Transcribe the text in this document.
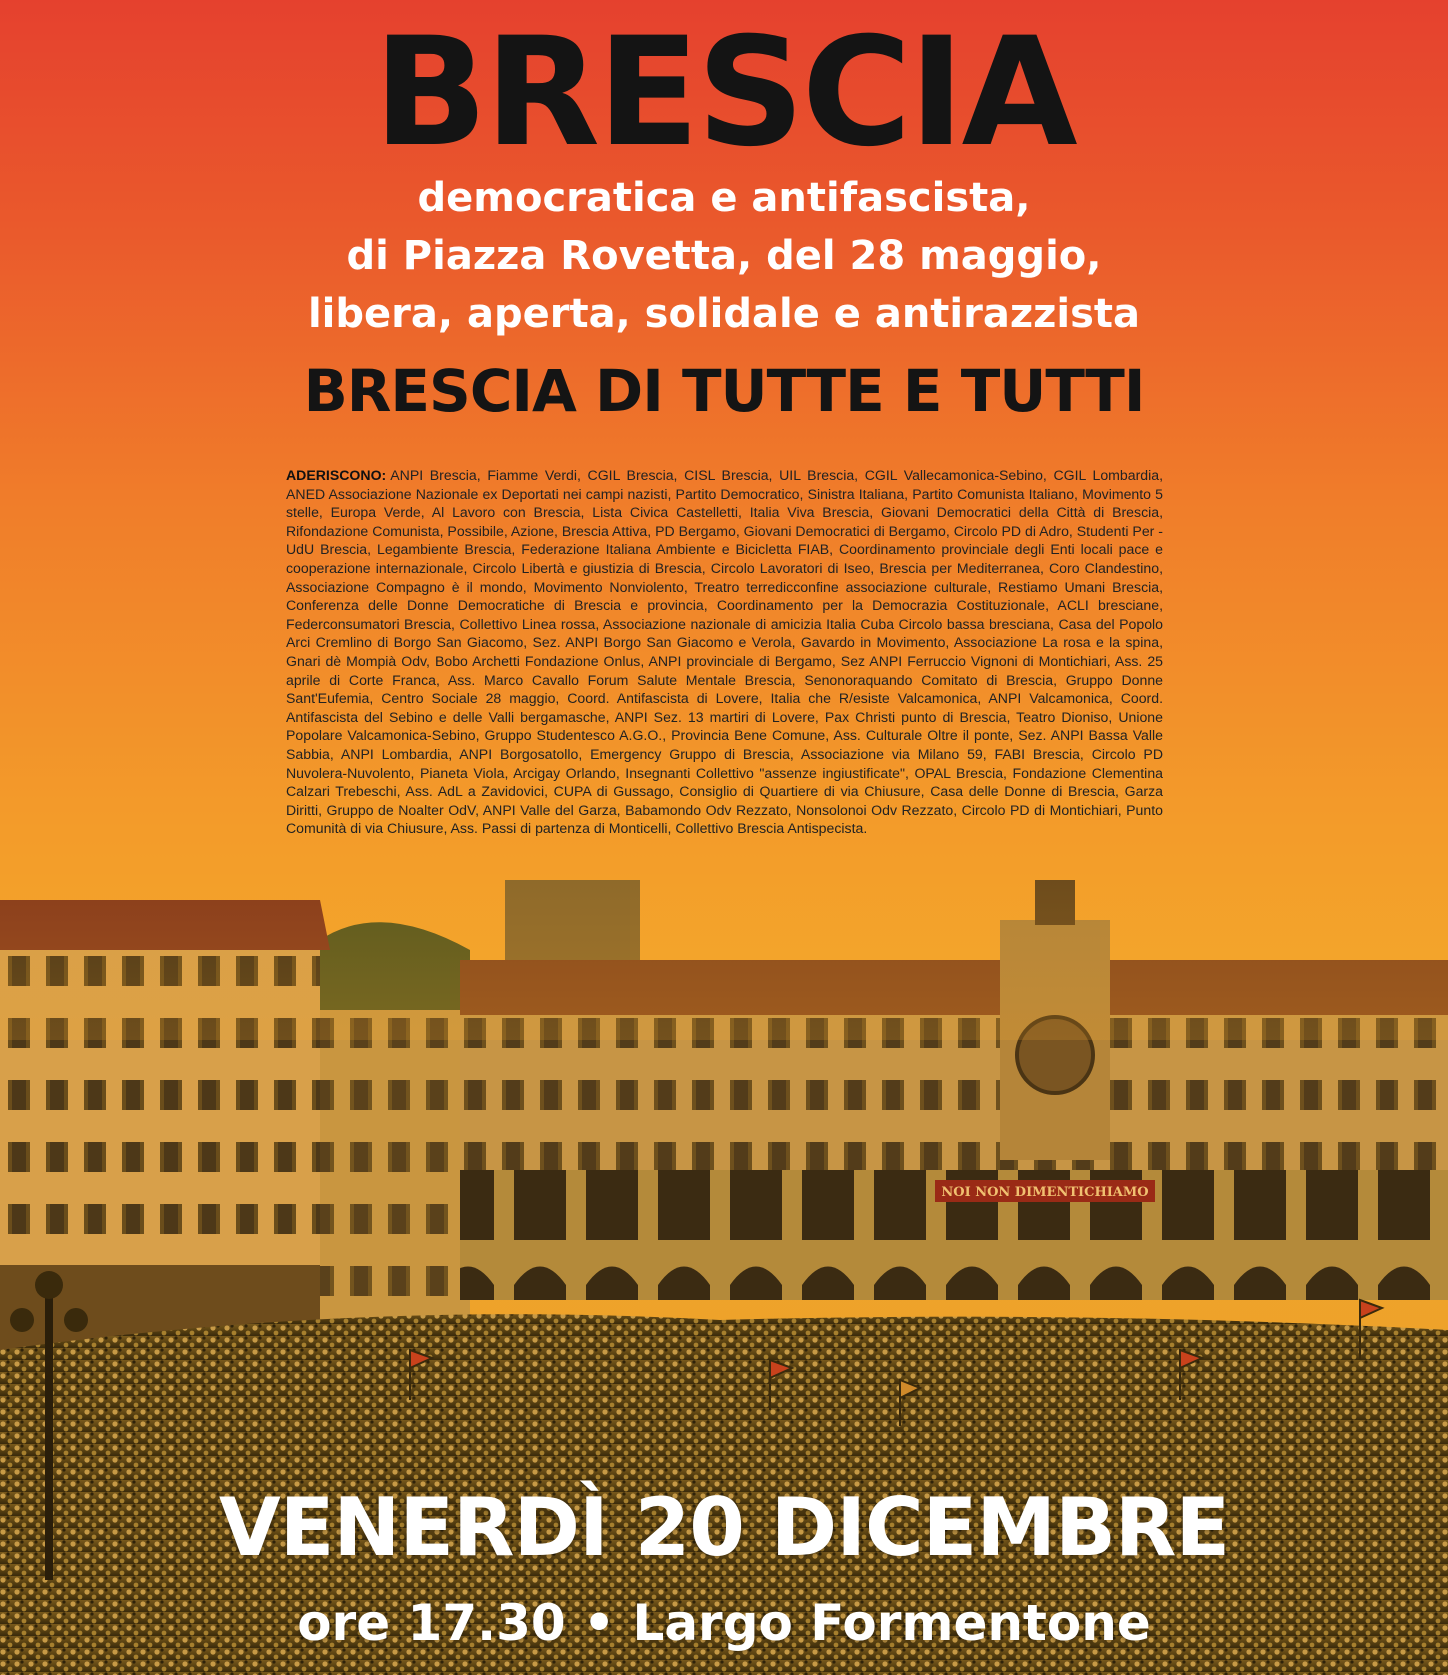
BRESCIA
democratica e antifascista,
di Piazza Rovetta, del 28 maggio,
libera, aperta, solidale e antirazzista
BRESCIA DI TUTTE E TUTTI
ADERISCONO: ANPI Brescia, Fiamme Verdi, CGIL Brescia, CISL Brescia, UIL Brescia, CGIL Vallecamonica-Sebino, CGIL Lombardia, ANED Associazione Nazionale ex Deportati nei campi nazisti, Partito Democratico, Sinistra Italiana, Partito Comunista Italiano, Movimento 5 stelle, Europa Verde, Al Lavoro con Brescia, Lista Civica Castelletti, Italia Viva Brescia, Giovani Democratici della Città di Brescia, Rifondazione Comunista, Possibile, Azione, Brescia Attiva, PD Bergamo, Giovani Democratici di Bergamo, Circolo PD di Adro, Studenti Per - UdU Brescia, Legambiente Brescia, Federazione Italiana Ambiente e Bicicletta FIAB, Coordinamento provinciale degli Enti locali pace e cooperazione internazionale, Circolo Libertà e giustizia di Brescia, Circolo Lavoratori di Iseo, Brescia per Mediterranea, Coro Clandestino, Associazione Compagno è il mondo, Movimento Nonviolento, Treatro terredicconfine associazione culturale, Restiamo Umani Brescia, Conferenza delle Donne Democratiche di Brescia e provincia, Coordinamento per la Democrazia Costituzionale, ACLI bresciane, Federconsumatori Brescia, Collettivo Linea rossa, Associazione nazionale di amicizia Italia Cuba Circolo bassa bresciana, Casa del Popolo Arci Cremlino di Borgo San Giacomo, Sez. ANPI Borgo San Giacomo e Verola, Gavardo in Movimento, Associazione La rosa e la spina, Gnari dè Mompià Odv, Bobo Archetti Fondazione Onlus, ANPI provinciale di Bergamo, Sez ANPI Ferruccio Vignoni di Montichiari, Ass. 25 aprile di Corte Franca, Ass. Marco Cavallo Forum Salute Mentale Brescia, Senonoraquando Comitato di Brescia, Gruppo Donne Sant'Eufemia, Centro Sociale 28 maggio, Coord. Antifascista di Lovere, Italia che R/esiste Valcamonica, ANPI Valcamonica, Coord. Antifascista del Sebino e delle Valli bergamasche, ANPI Sez. 13 martiri di Lovere, Pax Christi punto di Brescia, Teatro Dioniso, Unione Popolare Valcamonica-Sebino, Gruppo Studentesco A.G.O., Provincia Bene Comune, Ass. Culturale Oltre il ponte, Sez. ANPI Bassa Valle Sabbia, ANPI Lombardia, ANPI Borgosatollo, Emergency Gruppo di Brescia, Associazione via Milano 59, FABI Brescia, Circolo PD Nuvolera-Nuvolento, Pianeta Viola, Arcigay Orlando, Insegnanti Collettivo "assenze ingiustificate", OPAL Brescia, Fondazione Clementina Calzari Trebeschi, Ass. AdL a Zavidovici, CUPA di Gussago, Consiglio di Quartiere di via Chiusure, Casa delle Donne di Brescia, Garza Diritti, Gruppo de Noalter OdV, ANPI Valle del Garza, Babamondo Odv Rezzato, Nonsolonoi Odv Rezzato, Circolo PD di Montichiari, Punto Comunità di via Chiusure, Ass. Passi di partenza di Monticelli, Collettivo Brescia Antispecista.
NOI NON DIMENTICHIAMO
VENERDÌ 20 DICEMBRE
ore 17.30 • Largo Formentone
